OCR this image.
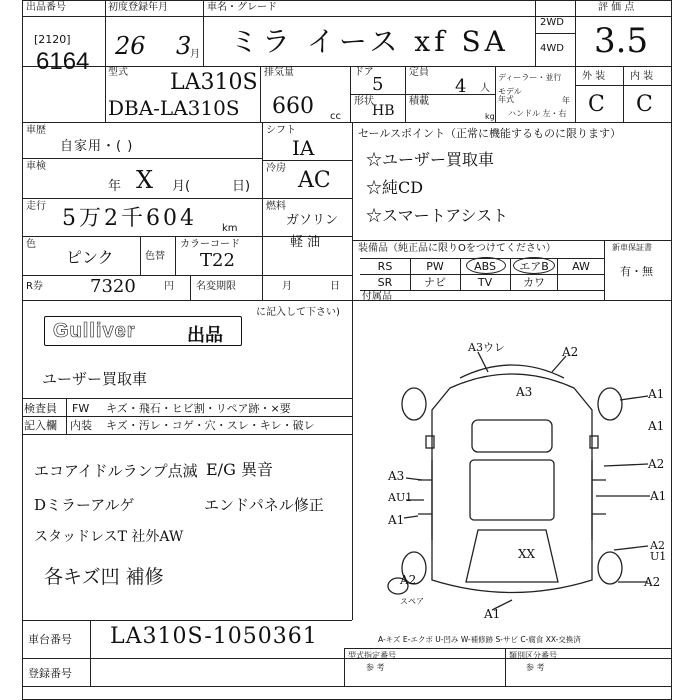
出品番号
[2120]
6164
初度登録年月
26 3
月
車名・グレード
ミラ イース xf SA
2WD
4WD
評 価 点
3.5
型式 LA310S
DBA-LA310S
排気量
660 cc
ドア
5
形状
HB
定員
4 人
積載
kg
ディーラー・並行
モデル年式	年
ハンドル 左・右
外 装 内 装
C C
車歴
自家用・( )
車検
年 X 月(	日)
走行 5万2千604	km
色
ピンク	色替
カラーコード
T22
R券	7320	円 名変期限	月	日
シフト
IA
冷房 AC
燃料
ガソリン
軽 油
セールスポイント（正常に機能するものに限ります）
☆ユーザー買取車
☆純CD
☆スマートアシスト
装備品（純正品に限りOをつけてください）	新車保証書
有・無
RS	PW	ABS	エアB	AW
SR	ナビ	TV	カワ
付属品
に記入して下さい)
Gulliver	出品
ユーザー買取車
検査員
記入欄
FW キズ・飛石・ヒビ割・リペア跡・×要
内装 キズ・汚レ・コゲ・穴・スレ・キレ・破レ
エコアイドルランプ点滅 E/G 異音
Dミラーアルゲ	エンドパネル修正
スタッドレスT 社外AW
各キズ凹 補修
A3ウレ	A2
A3	A1
A1
A2
A1
A3
AU1
A1
A2 U1
A2
A2
A1
XX
スペア
車台番号 LA310S-1050361
登録番号
A-キズ E-エクボ U-凹み W-補修跡 S-サビ C-腐食 XX-交換済
型式指定番号
参 考
類別区分番号
参 考
